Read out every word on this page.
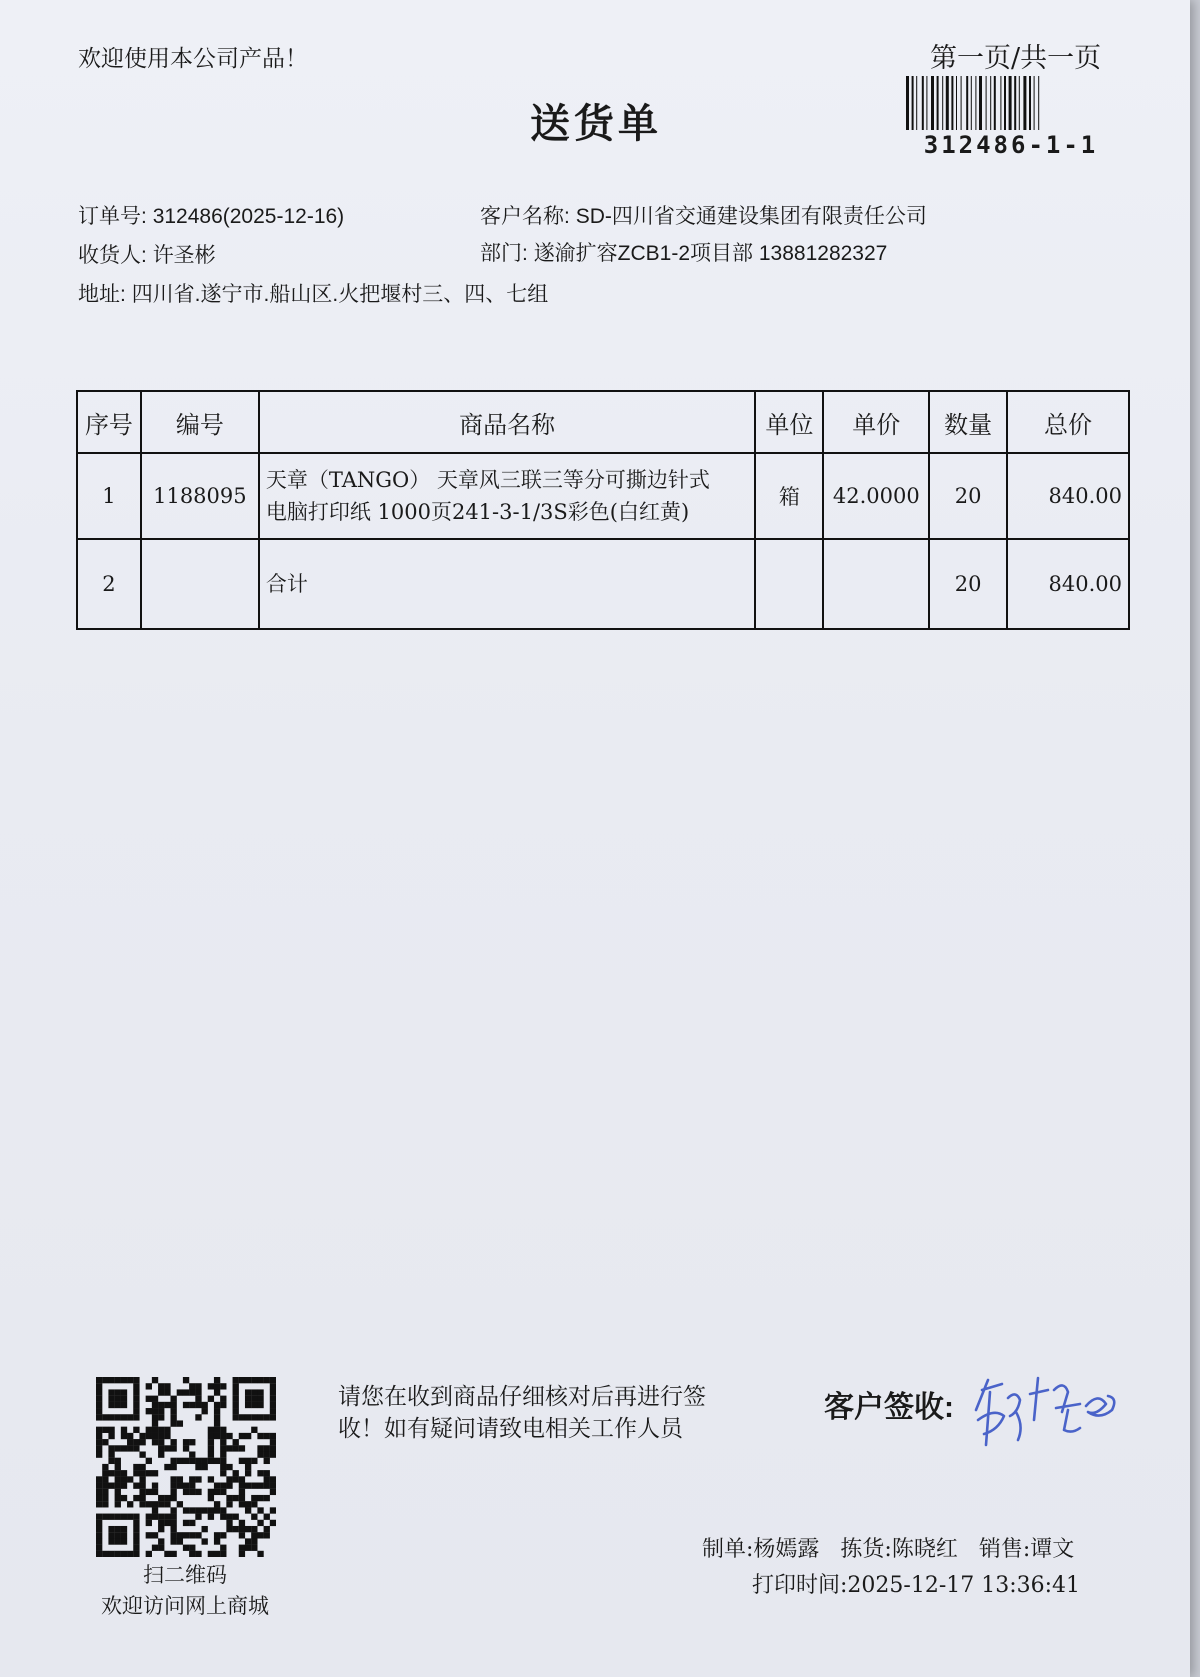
欢迎使用本公司产品！	第一页/共一页
送货单	312486-1-1
订单号: 312486(2025-12-16)	客户名称: SD-四川省交通建设集团有限责任公司
收货人: 许圣彬	部门: 遂渝扩容ZCB1-2项目部 13881282327
地址: 四川省.遂宁市.船山区.火把堰村三、四、七组
序号	编号	商品名称	单位	单价	数量	总价
1	1188095	天章（TANGO） 天章风三联三等分可撕边针式
电脑打印纸 1000页241-3-1/3S彩色(白红黄)	箱	42.0000	20	840.00
2		合计			20	840.00
扫二维码
欢迎访问网上商城
请您在收到商品仔细核对后再进行签
收！如有疑问请致电相关工作人员
客户签收:
制单:杨嫣露 拣货:陈晓红 销售:谭文
打印时间:2025-12-17 13:36:41
